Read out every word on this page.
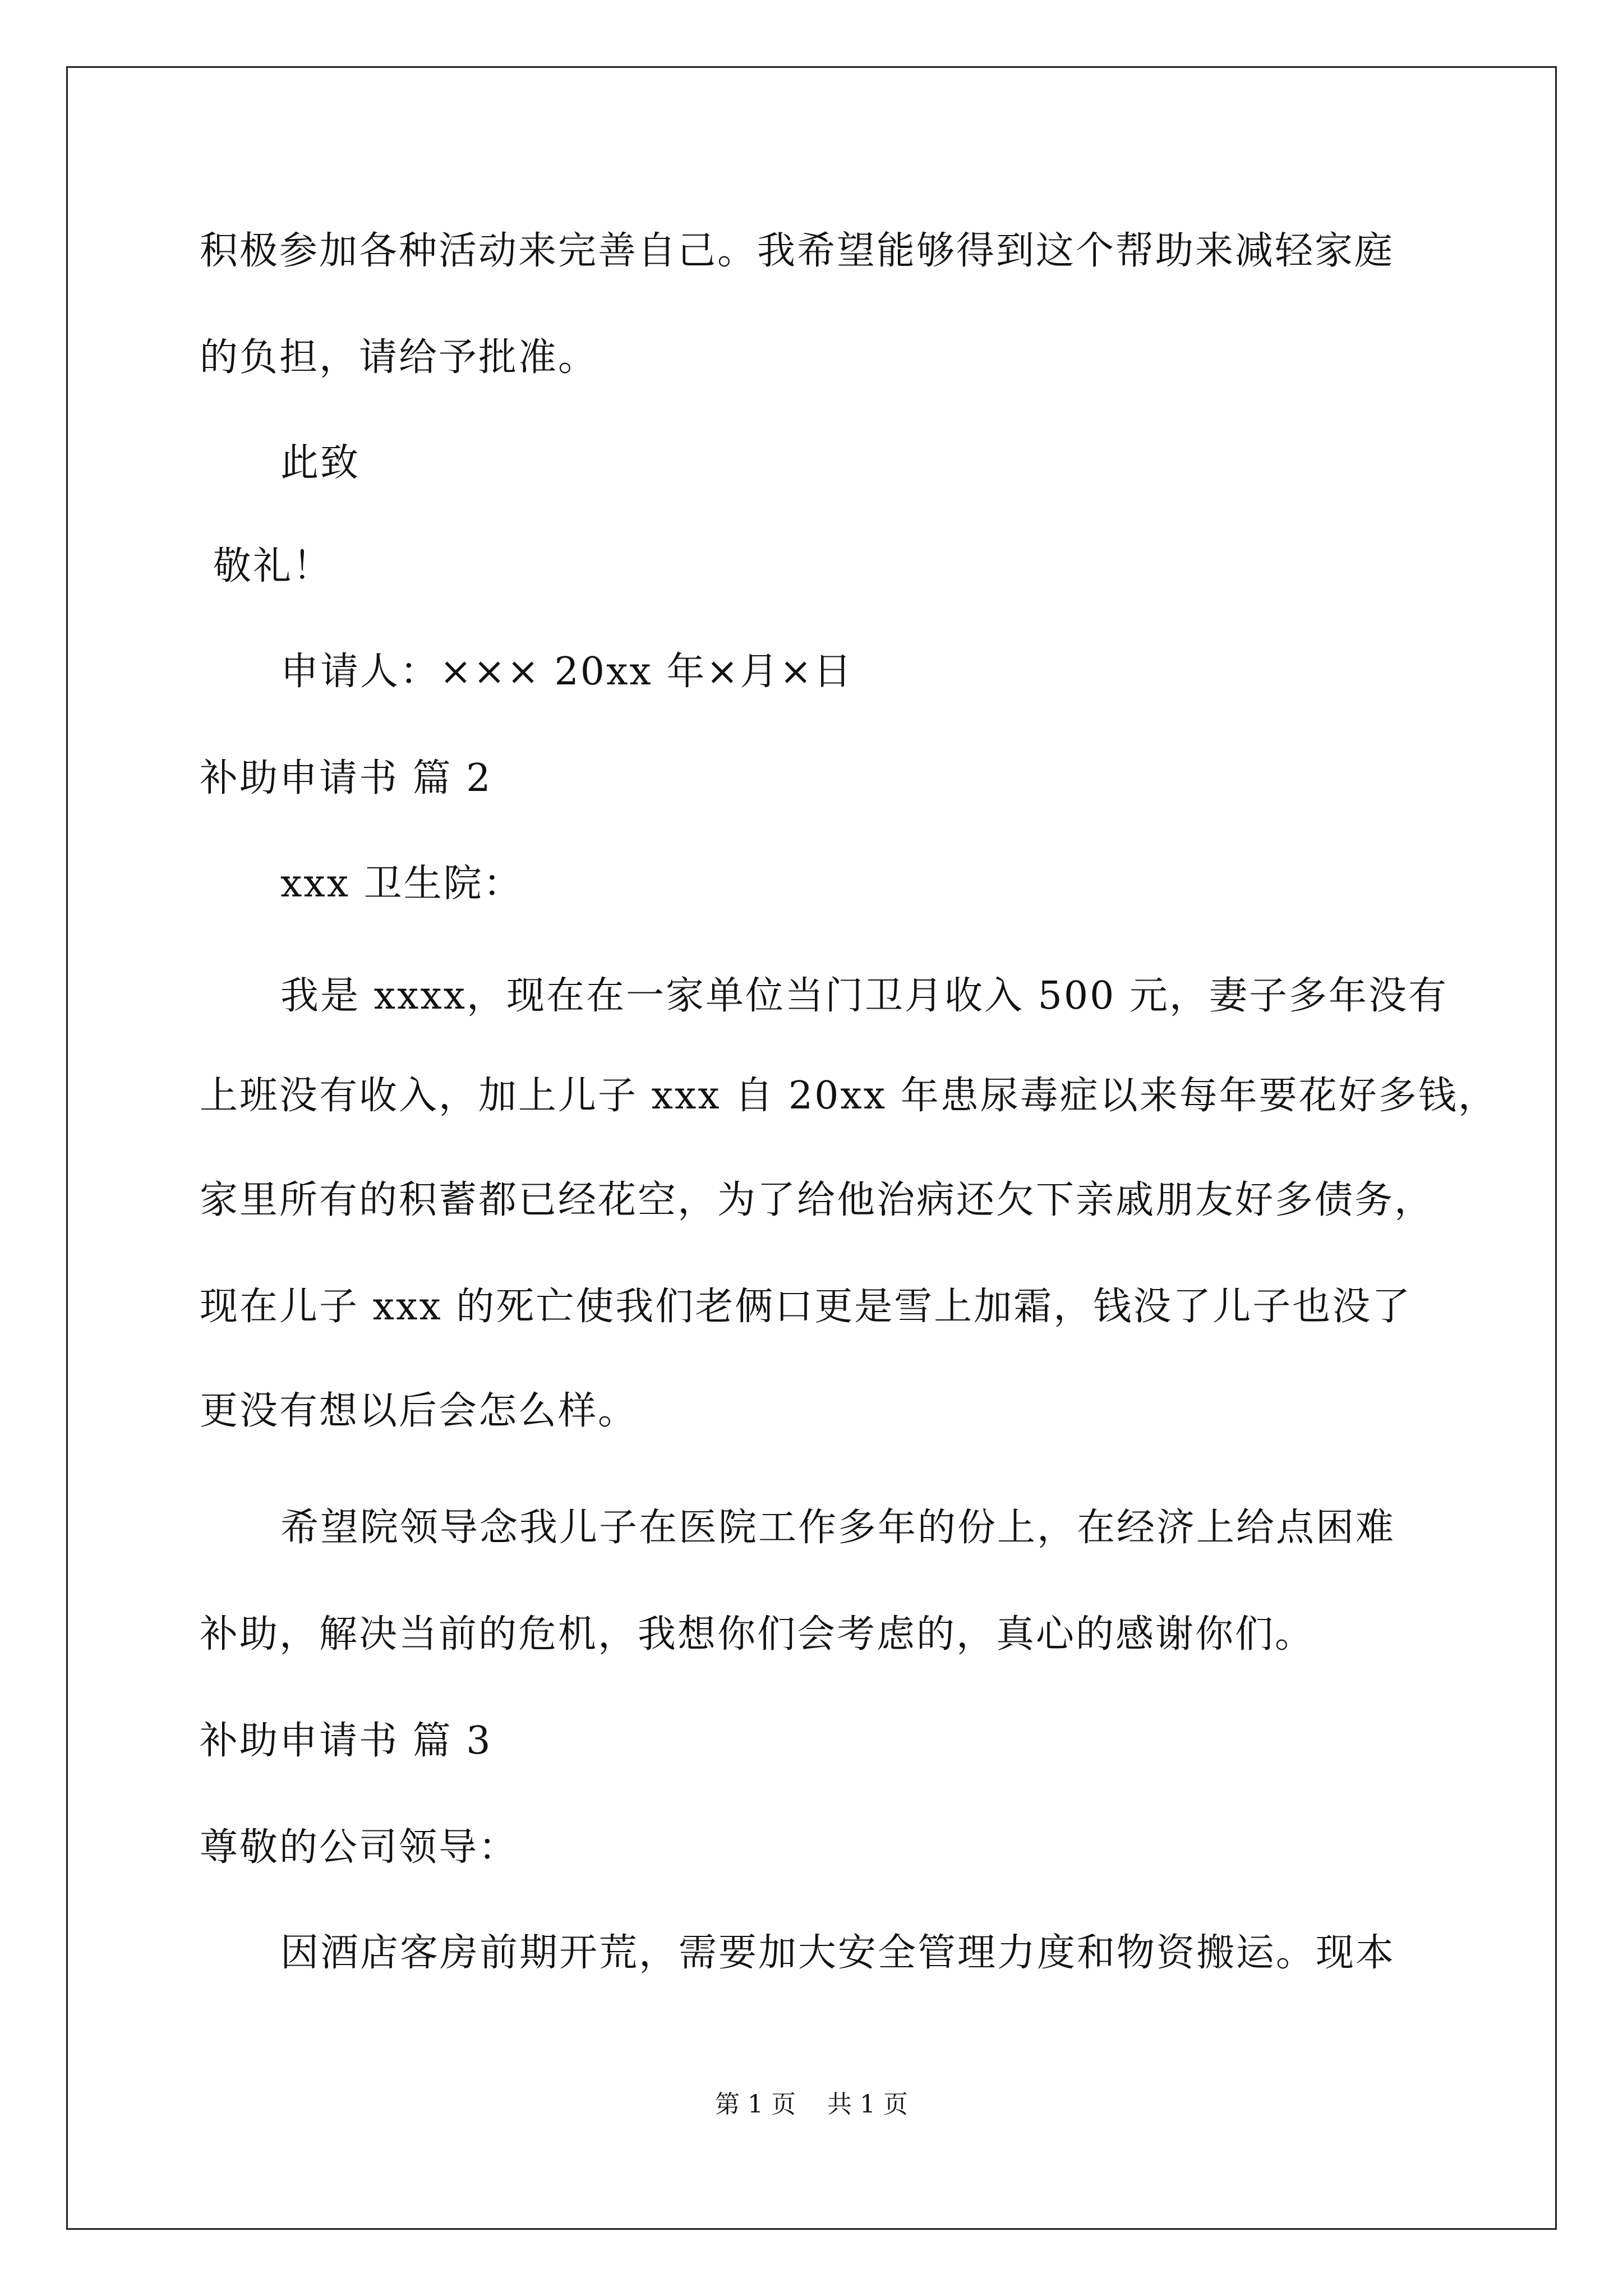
积极参加各种活动来完善自己。我希望能够得到这个帮助来减轻家庭
的负担，请给予批准。
此致
敬礼！
申请人：××× 20xx 年×月×日
补助申请书 篇 2
xxx 卫生院：
我是 xxxx，现在在一家单位当门卫月收入 500 元，妻子多年没有
上班没有收入，加上儿子 xxx 自 20xx 年患尿毒症以来每年要花好多钱，
家里所有的积蓄都已经花空，为了给他治病还欠下亲戚朋友好多债务，
现在儿子 xxx 的死亡使我们老俩口更是雪上加霜，钱没了儿子也没了
更没有想以后会怎么样。
希望院领导念我儿子在医院工作多年的份上，在经济上给点困难
补助，解决当前的危机，我想你们会考虑的，真心的感谢你们。
补助申请书 篇 3
尊敬的公司领导：
因酒店客房前期开荒，需要加大安全管理力度和物资搬运。现本
第 1 页    共 1 页
